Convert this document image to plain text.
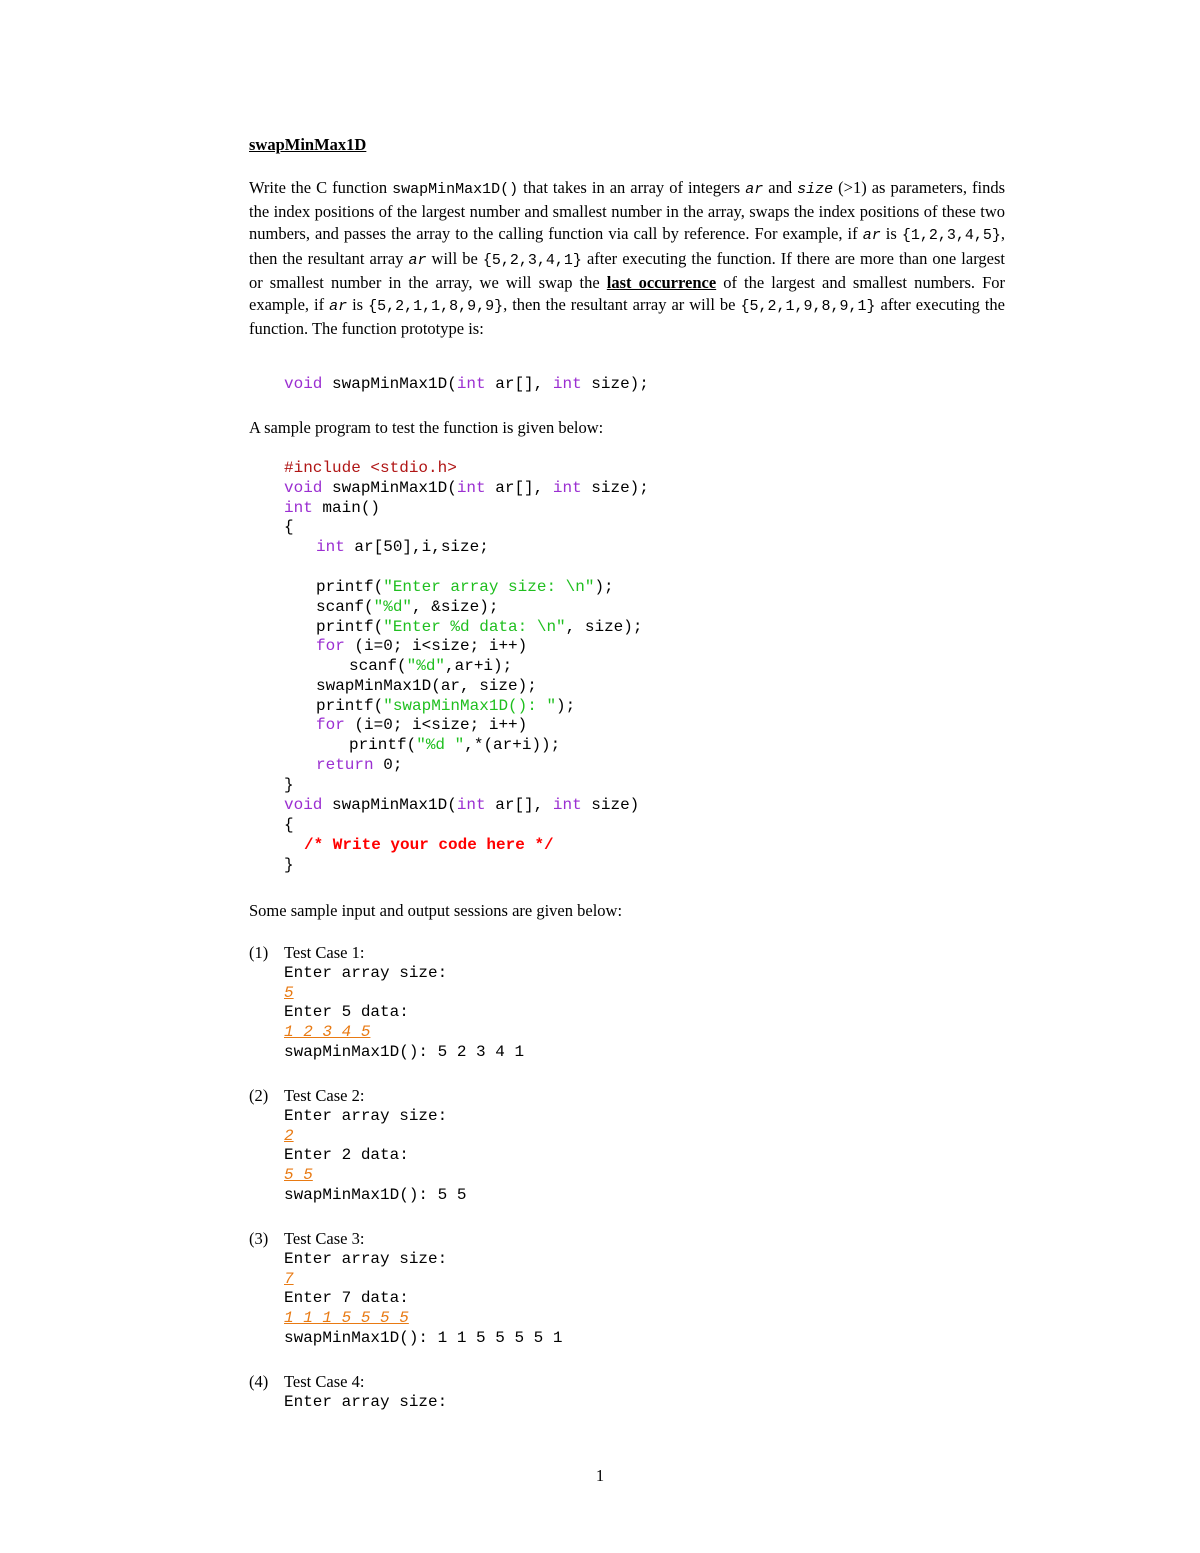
swapMinMax1D
Write the C function swapMinMax1D() that takes in an array of integers ar and size (>1) as parameters, finds the index positions of the largest number and smallest number in the array, swaps the index positions of these two numbers, and passes the array to the calling function via call by reference. For example, if ar is {1,2,3,4,5}, then the resultant array ar will be {5,2,3,4,1} after executing the function. If there are more than one largest or smallest number in the array, we will swap the last occurrence of the largest and smallest numbers. For example, if ar is {5,2,1,1,8,9,9}, then the resultant array ar will be {5,2,1,9,8,9,1} after executing the function. The function prototype is:
void swapMinMax1D(int ar[], int size);
A sample program to test the function is given below:
#include <stdio.h>
void swapMinMax1D(int ar[], int size);
int main()
{
int ar[50],i,size;
printf("Enter array size: \n");
scanf("%d", &size);
printf("Enter %d data: \n", size);
for (i=0; i<size; i++)
scanf("%d",ar+i);
swapMinMax1D(ar, size);
printf("swapMinMax1D(): ");
for (i=0; i<size; i++)
printf("%d ",*(ar+i));
return 0;
}
void swapMinMax1D(int ar[], int size)
{
/* Write your code here */
}
Some sample input and output sessions are given below:
(1) Test Case 1:
Enter array size:
5
Enter 5 data:
1 2 3 4 5
swapMinMax1D(): 5 2 3 4 1
(2) Test Case 2:
Enter array size:
2
Enter 2 data:
5 5
swapMinMax1D(): 5 5
(3) Test Case 3:
Enter array size:
7
Enter 7 data:
1 1 1 5 5 5 5
swapMinMax1D(): 1 1 5 5 5 5 1
(4) Test Case 4:
Enter array size:
1
